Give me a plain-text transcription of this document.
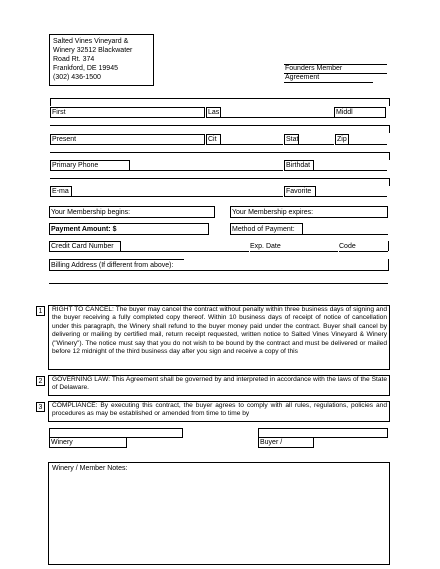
Salted Vines Vineyard &
Winery 32512 Blackwater
Road Rt. 374
Frankford, DE 19945
(302) 436-1500
Founders Member
Agreement
First	Las	Middl
Present	Cit	Stat	Zip
Primary Phone	Birthdat
E-ma	Favorite
Your Membership begins:	Your Membership expires:
Payment Amount: $	Method of Payment:
Credit Card Number	Exp. Date	Code
Billing Address (If different from above):
1	RIGHT TO CANCEL: The buyer may cancel the contract without penalty within three business days of signing and the buyer receiving a fully completed copy thereof. Within 10 business days of receipt of notice of cancellation under this paragraph, the Winery shall refund to the buyer money paid under the contract. Buyer shall cancel by delivering or mailing by certified mail, return receipt requested, written notice to Salted Vines Vineyard & Winery ("Winery"). The notice must say that you do not wish to be bound by the contract and must be delivered or mailed before 12 midnight of the third business day after you sign and receive a copy of this
2	GOVERNING LAW: This Agreement shall be governed by and interpreted in accordance with the laws of the State of Delaware.
3	COMPLIANCE: By executing this contract, the buyer agrees to comply with all rules, regulations, policies and procedures as may be established or amended from time to time by
Winery	Buyer /
Winery / Member Notes:
